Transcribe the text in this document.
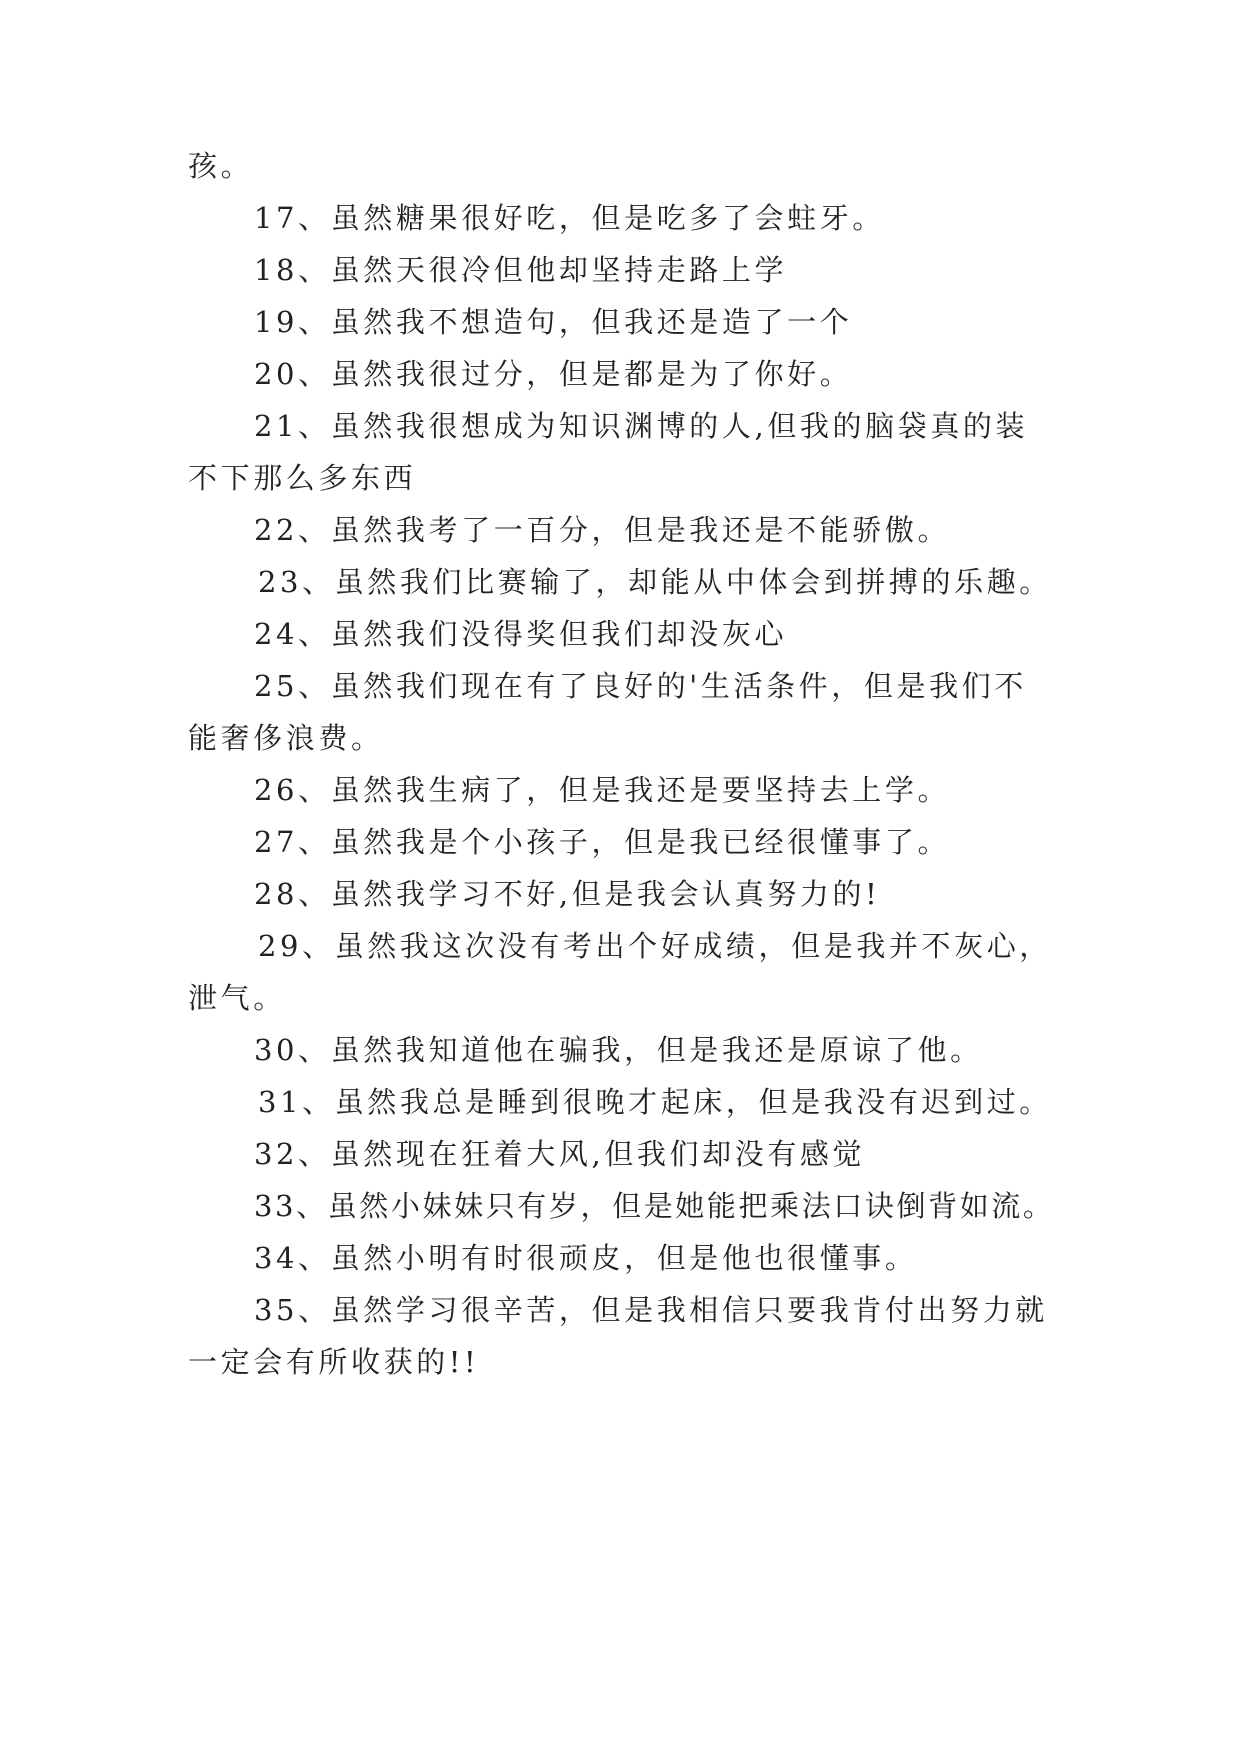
孩。
17、虽然糖果很好吃，但是吃多了会蛀牙。
18、虽然天很冷但他却坚持走路上学
19、虽然我不想造句，但我还是造了一个
20、虽然我很过分，但是都是为了你好。
21、虽然我很想成为知识渊博的人,但我的脑袋真的装
不下那么多东西
22、虽然我考了一百分，但是我还是不能骄傲。
23、虽然我们比赛输了，却能从中体会到拼搏的乐趣。
24、虽然我们没得奖但我们却没灰心
25、虽然我们现在有了良好的'生活条件，但是我们不
能奢侈浪费。
26、虽然我生病了，但是我还是要坚持去上学。
27、虽然我是个小孩子，但是我已经很懂事了。
28、虽然我学习不好,但是我会认真努力的!
29、虽然我这次没有考出个好成绩，但是我并不灰心，
泄气。
30、虽然我知道他在骗我，但是我还是原谅了他。
31、虽然我总是睡到很晚才起床，但是我没有迟到过。
32、虽然现在狂着大风,但我们却没有感觉
33、虽然小妹妹只有岁，但是她能把乘法口诀倒背如流。
34、虽然小明有时很顽皮，但是他也很懂事。
35、虽然学习很辛苦，但是我相信只要我肯付出努力就
一定会有所收获的!!
